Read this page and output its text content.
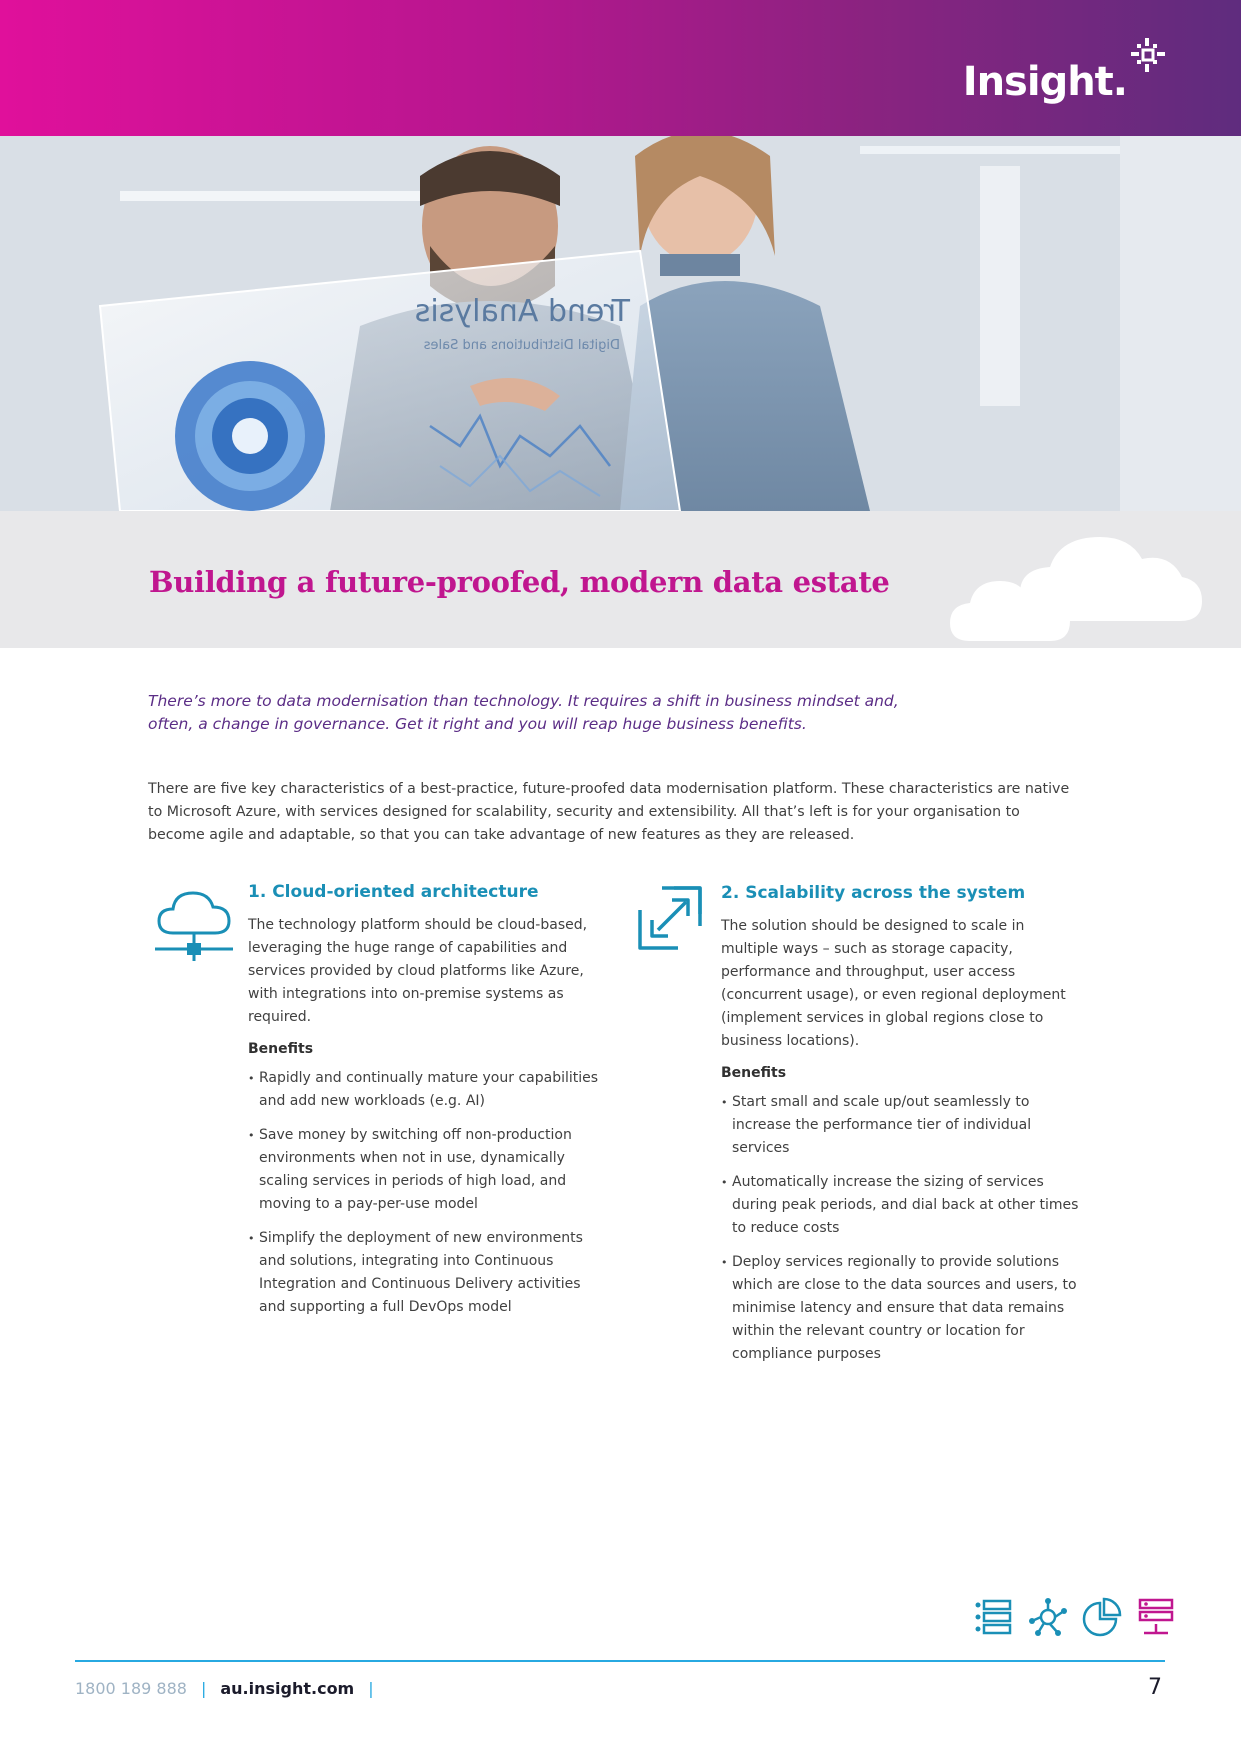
Insight.
Trend Analysis
Digital Distributions and Sales
Building a future-proofed, modern data estate

There’s more to data modernisation than technology. It requires a shift in business mindset and, often, a change in governance. Get it right and you will reap huge business benefits.

There are five key characteristics of a best-practice, future-proofed data modernisation platform. These characteristics are native to Microsoft Azure, with services designed for scalability, security and extensibility. All that’s left is for your organisation to become agile and adaptable, so that you can take advantage of new features as they are released.

1. Cloud-oriented architecture

The technology platform should be cloud-based, leveraging the huge range of capabilities and services provided by cloud platforms like Azure, with integrations into on-premise systems as required.

Benefits
• Rapidly and continually mature your capabilities and add new workloads (e.g. AI)
• Save money by switching off non-production environments when not in use, dynamically scaling services in periods of high load, and moving to a pay-per-use model
• Simplify the deployment of new environments and solutions, integrating into Continuous Integration and Continuous Delivery activities and supporting a full DevOps model
2. Scalability across the system

The solution should be designed to scale in multiple ways – such as storage capacity, performance and throughput, user access (concurrent usage), or even regional deployment (implement services in global regions close to business locations).

Benefits
• Start small and scale up/out seamlessly to increase the performance tier of individual services
• Automatically increase the sizing of services during peak periods, and dial back at other times to reduce costs
• Deploy services regionally to provide solutions which are close to the data sources and users, to minimise latency and ensure that data remains within the relevant country or location for compliance purposes
1800 189 888 | au.insight.com |	7
